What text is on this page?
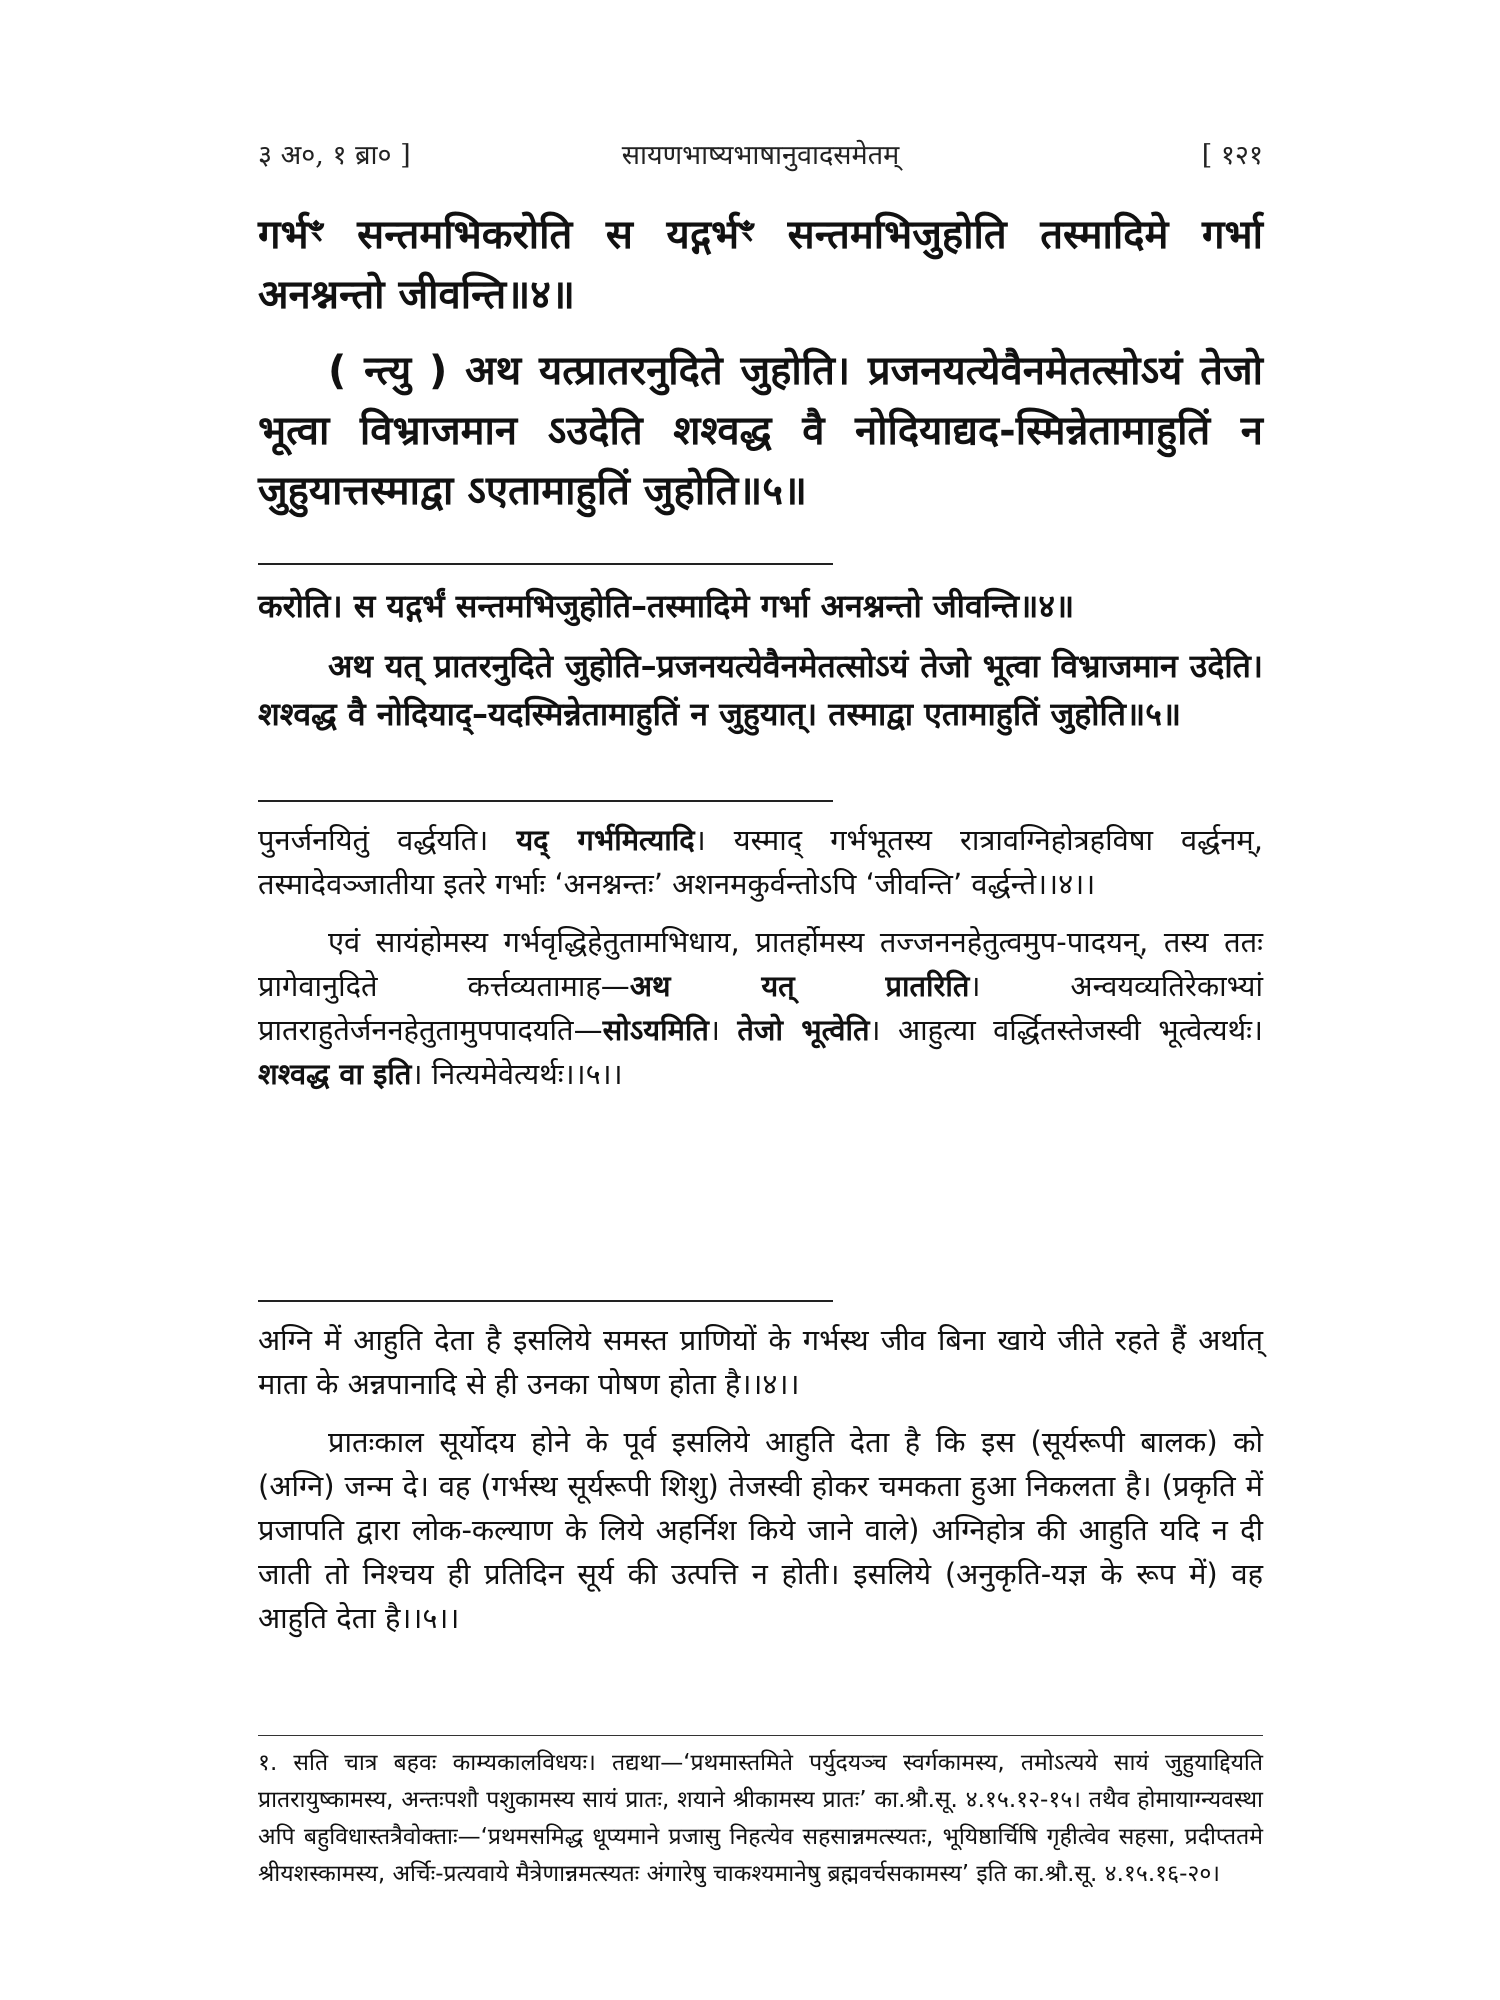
३ अ०, १ ब्रा० ]	सायणभाष्यभाषानुवादसमेतम्	[ १२१

गर्भꣳ सन्तमभिकरोति स यद्गर्भꣳ सन्तमभिजुहोति तस्मादिमे गर्भा अनश्नन्तो जीवन्ति॥४॥

( न्त्यु ) अथ यत्प्रातरनुदिते जुहोति। प्रजनयत्येवैनमेतत्सोऽयं तेजो भूत्वा विभ्राजमान ऽउदेति शश्वद्ध वै नोदियाद्यद-स्मिन्नेतामाहुतिं न जुहुयात्तस्माद्वा ऽएतामाहुतिं जुहोति॥५॥

करोति। स यद्गर्भं सन्तमभिजुहोति–तस्मादिमे गर्भा अनश्नन्तो जीवन्ति॥४॥

अथ यत् प्रातरनुदिते जुहोति–प्रजनयत्येवैनमेतत्सोऽयं तेजो भूत्वा विभ्राजमान उदेति। शश्वद्ध वै नोदियाद्–यदस्मिन्नेतामाहुतिं न जुहुयात्। तस्माद्वा एतामाहुतिं जुहोति॥५॥

पुनर्जनयितुं वर्द्धयति। यद् गर्भमित्यादि। यस्माद् गर्भभूतस्य रात्रावग्निहोत्रहविषा वर्द्धनम्, तस्मादेवञ्जातीया इतरे गर्भाः ‘अनश्नन्तः’ अशनमकुर्वन्तोऽपि ‘जीवन्ति’ वर्द्धन्ते।।४।।

एवं सायंहोमस्य गर्भवृद्धिहेतुतामभिधाय, प्रातर्होमस्य तज्जननहेतुत्वमुप-पादयन्, तस्य ततः प्रागेवानुदिते कर्त्तव्यतामाह—अथ यत् प्रातरिति। अन्वयव्यतिरेकाभ्यां प्रातराहुतेर्जननहेतुतामुपपादयति—सोऽयमिति। तेजो भूत्वेति। आहुत्या वर्द्धितस्तेजस्वी भूत्वेत्यर्थः। शश्वद्ध वा इति। नित्यमेवेत्यर्थः।।५।।

अग्नि में आहुति देता है इसलिये समस्त प्राणियों के गर्भस्थ जीव बिना खाये जीते रहते हैं अर्थात् माता के अन्नपानादि से ही उनका पोषण होता है।।४।।

प्रातःकाल सूर्योदय होने के पूर्व इसलिये आहुति देता है कि इस (सूर्यरूपी बालक) को (अग्नि) जन्म दे। वह (गर्भस्थ सूर्यरूपी शिशु) तेजस्वी होकर चमकता हुआ निकलता है। (प्रकृति में प्रजापति द्वारा लोक-कल्याण के लिये अहर्निश किये जाने वाले) अग्निहोत्र की आहुति यदि न दी जाती तो निश्चय ही प्रतिदिन सूर्य की उत्पत्ति न होती। इसलिये (अनुकृति-यज्ञ के रूप में) वह आहुति देता है।।५।।

१. सति चात्र बहवः काम्यकालविधयः। तद्यथा—‘प्रथमास्तमिते पर्युदयञ्च स्वर्गकामस्य, तमोऽत्यये सायं जुहुयाद्दियति प्रातरायुष्कामस्य, अन्तःपशौ पशुकामस्य सायं प्रातः, शयाने श्रीकामस्य प्रातः’ का.श्रौ.सू. ४.१५.१२-१५। तथैव होमायाग्न्यवस्था अपि बहुविधास्तत्रैवोक्ताः—‘प्रथमसमिद्ध धूप्यमाने प्रजासु निहत्येव सहसान्नमत्स्यतः, भूयिष्ठार्चिषि गृहीत्वेव सहसा, प्रदीप्ततमे श्रीयशस्कामस्य, अर्चिः-प्रत्यवाये मैत्रेणान्नमत्स्यतः अंगारेषु चाकश्यमानेषु ब्रह्मवर्चसकामस्य’ इति का.श्रौ.सू. ४.१५.१६-२०।
